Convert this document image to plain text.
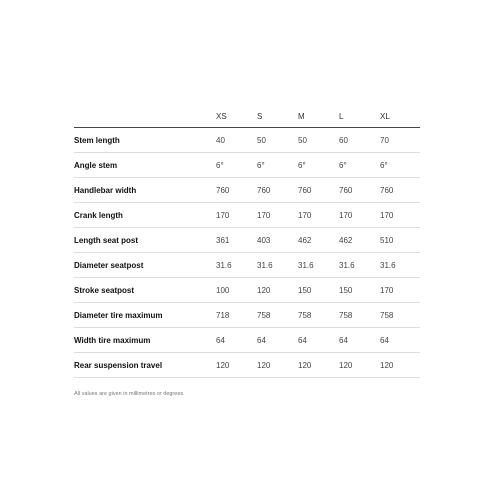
	XS	S	M	L	XL
Stem length	40	50	50	60	70
Angle stem	6°	6°	6°	6°	6°
Handlebar width	760	760	760	760	760
Crank length	170	170	170	170	170
Length seat post	361	403	462	462	510
Diameter seatpost	31.6	31.6	31.6	31.6	31.6
Stroke seatpost	100	120	150	150	170
Diameter tire maximum	718	758	758	758	758
Width tire maximum	64	64	64	64	64
Rear suspension travel	120	120	120	120	120
All values are given in millimetres or degrees.
